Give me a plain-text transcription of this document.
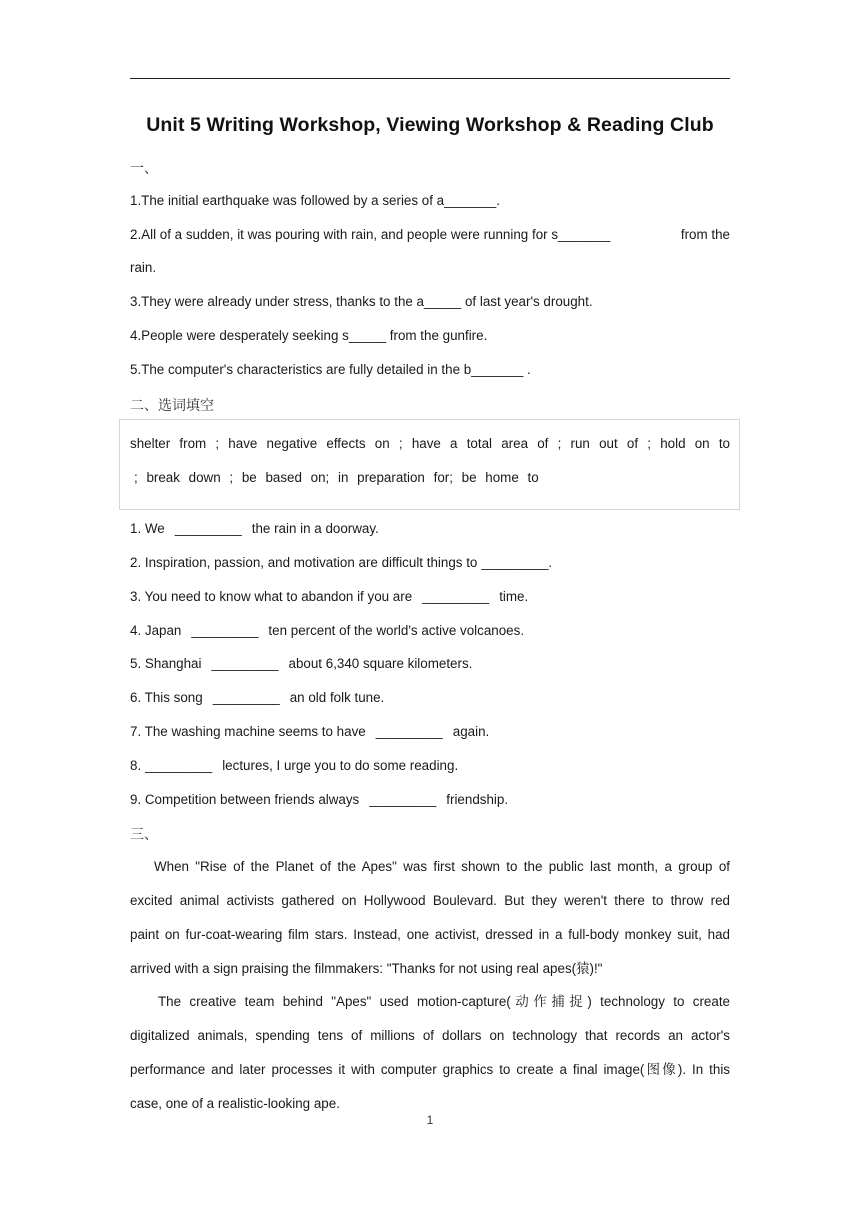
Unit 5 Writing Workshop, Viewing Workshop & Reading Club
一、
1.The initial earthquake was followed by a series of a_______.
2.All of a sudden, it was pouring with rain, and people were running for s_______	from the
rain.
3.They were already under stress, thanks to the a_____ of last year's drought.
4.People were desperately seeking s_____ from the gunfire.
5.The computer's characteristics are fully detailed in the b_______ .
二、选词填空
shelter from ; have negative effects on ; have a total area of ; run out of ; hold on to
; break down ; be based on; in preparation for; be home to
1. We _________ the rain in a doorway.
2. Inspiration, passion, and motivation are difficult things to _________.
3. You need to know what to abandon if you are _________ time.
4. Japan _________ ten percent of the world's active volcanoes.
5. Shanghai _________ about 6,340 square kilometers.
6. This song _________ an old folk tune.
7. The washing machine seems to have _________ again.
8. _________ lectures, I urge you to do some reading.
9. Competition between friends always _________ friendship.
三、
When "Rise of the Planet of the Apes" was first shown to the public last month, a group of
excited animal activists gathered on Hollywood Boulevard. But they weren't there to throw red
paint on fur-coat-wearing film stars. Instead, one activist, dressed in a full-body monkey suit, had
arrived with a sign praising the filmmakers: "Thanks for not using real apes(猿)!"
The creative team behind "Apes" used motion-capture(动作捕捉) technology to create
digitalized animals, spending tens of millions of dollars on technology that records an actor's
performance and later processes it with computer graphics to create a final image(图像). In this
case, one of a realistic-looking ape.
1
